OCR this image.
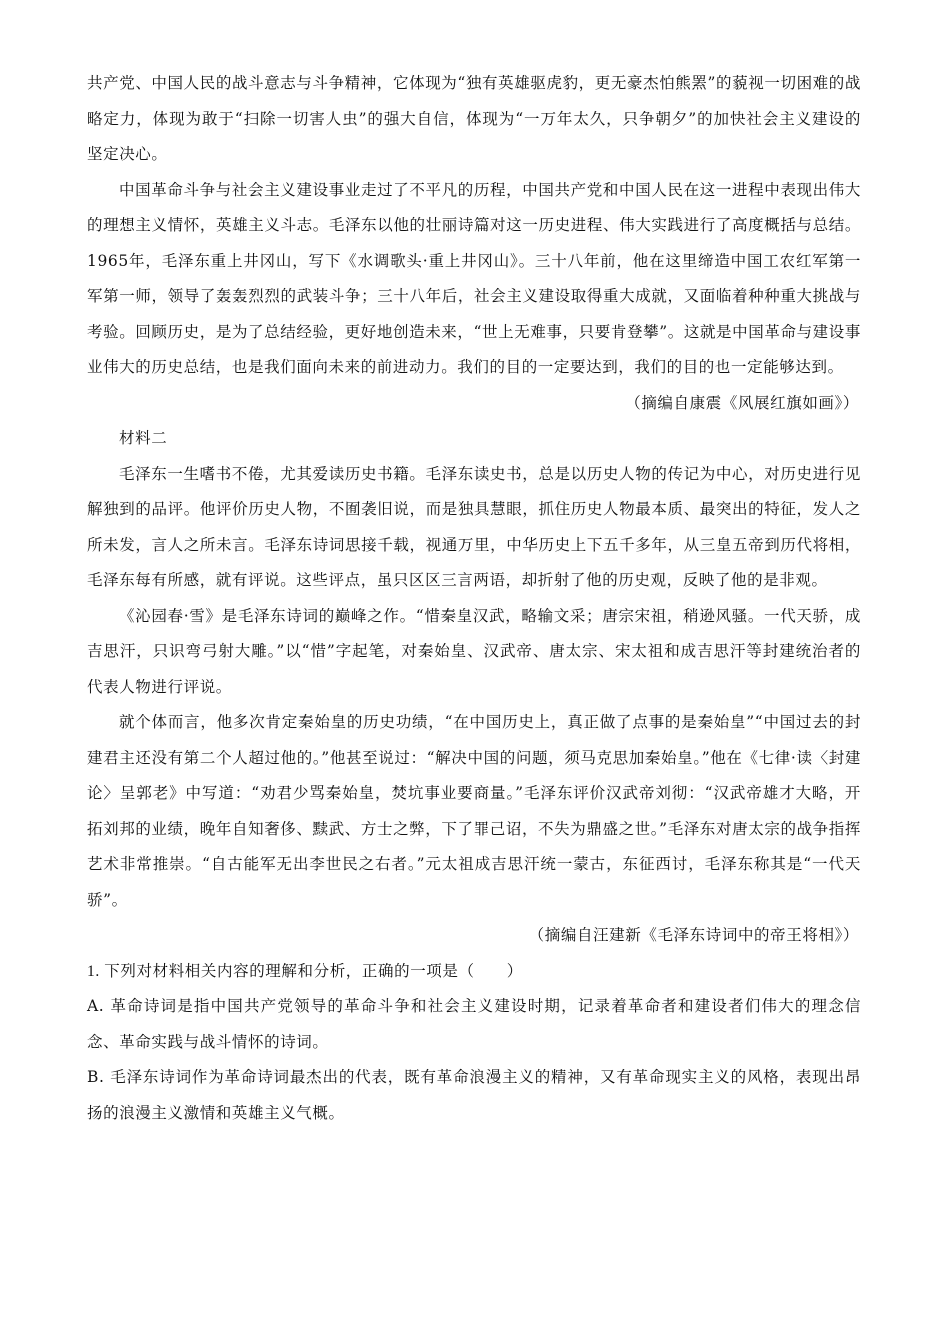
共产党、中国人民的战斗意志与斗争精神，它体现为“独有英雄驱虎豹，更无豪杰怕熊罴”的藐视一切困难的战略定力，体现为敢于“扫除一切害人虫”的强大自信，体现为“一万年太久，只争朝夕”的加快社会主义建设的坚定决心。

中国革命斗争与社会主义建设事业走过了不平凡的历程，中国共产党和中国人民在这一进程中表现出伟大的理想主义情怀，英雄主义斗志。毛泽东以他的壮丽诗篇对这一历史进程、伟大实践进行了高度概括与总结。1965年，毛泽东重上井冈山，写下《水调歌头·重上井冈山》。三十八年前，他在这里缔造中国工农红军第一军第一师，领导了轰轰烈烈的武装斗争；三十八年后，社会主义建设取得重大成就，又面临着种种重大挑战与考验。回顾历史，是为了总结经验，更好地创造未来，“世上无难事，只要肯登攀”。这就是中国革命与建设事业伟大的历史总结，也是我们面向未来的前进动力。我们的目的一定要达到，我们的目的也一定能够达到。

（摘编自康震《风展红旗如画》）

材料二

毛泽东一生嗜书不倦，尤其爱读历史书籍。毛泽东读史书，总是以历史人物的传记为中心，对历史进行见解独到的品评。他评价历史人物，不囿袭旧说，而是独具慧眼，抓住历史人物最本质、最突出的特征，发人之所未发，言人之所未言。毛泽东诗词思接千载，视通万里，中华历史上下五千多年，从三皇五帝到历代将相，毛泽东每有所感，就有评说。这些评点，虽只区区三言两语，却折射了他的历史观，反映了他的是非观。

《沁园春·雪》是毛泽东诗词的巅峰之作。“惜秦皇汉武，略输文采；唐宗宋祖，稍逊风骚。一代天骄，成吉思汗，只识弯弓射大雕。”以“惜”字起笔，对秦始皇、汉武帝、唐太宗、宋太祖和成吉思汗等封建统治者的代表人物进行评说。

就个体而言，他多次肯定秦始皇的历史功绩，“在中国历史上，真正做了点事的是秦始皇”“中国过去的封建君主还没有第二个人超过他的。”他甚至说过：“解决中国的问题，须马克思加秦始皇。”他在《七律·读〈封建论〉呈郭老》中写道：“劝君少骂秦始皇，焚坑事业要商量。”毛泽东评价汉武帝刘彻：“汉武帝雄才大略，开拓刘邦的业绩，晚年自知奢侈、黩武、方士之弊，下了罪己诏，不失为鼎盛之世。”毛泽东对唐太宗的战争指挥艺术非常推崇。“自古能军无出李世民之右者。”元太祖成吉思汗统一蒙古，东征西讨，毛泽东称其是“一代天骄”。

（摘编自汪建新《毛泽东诗词中的帝王将相》）

1. 下列对材料相关内容的理解和分析，正确的一项是（　　）

A. 革命诗词是指中国共产党领导的革命斗争和社会主义建设时期，记录着革命者和建设者们伟大的理念信念、革命实践与战斗情怀的诗词。

B. 毛泽东诗词作为革命诗词最杰出的代表，既有革命浪漫主义的精神，又有革命现实主义的风格，表现出昂扬的浪漫主义激情和英雄主义气概。
